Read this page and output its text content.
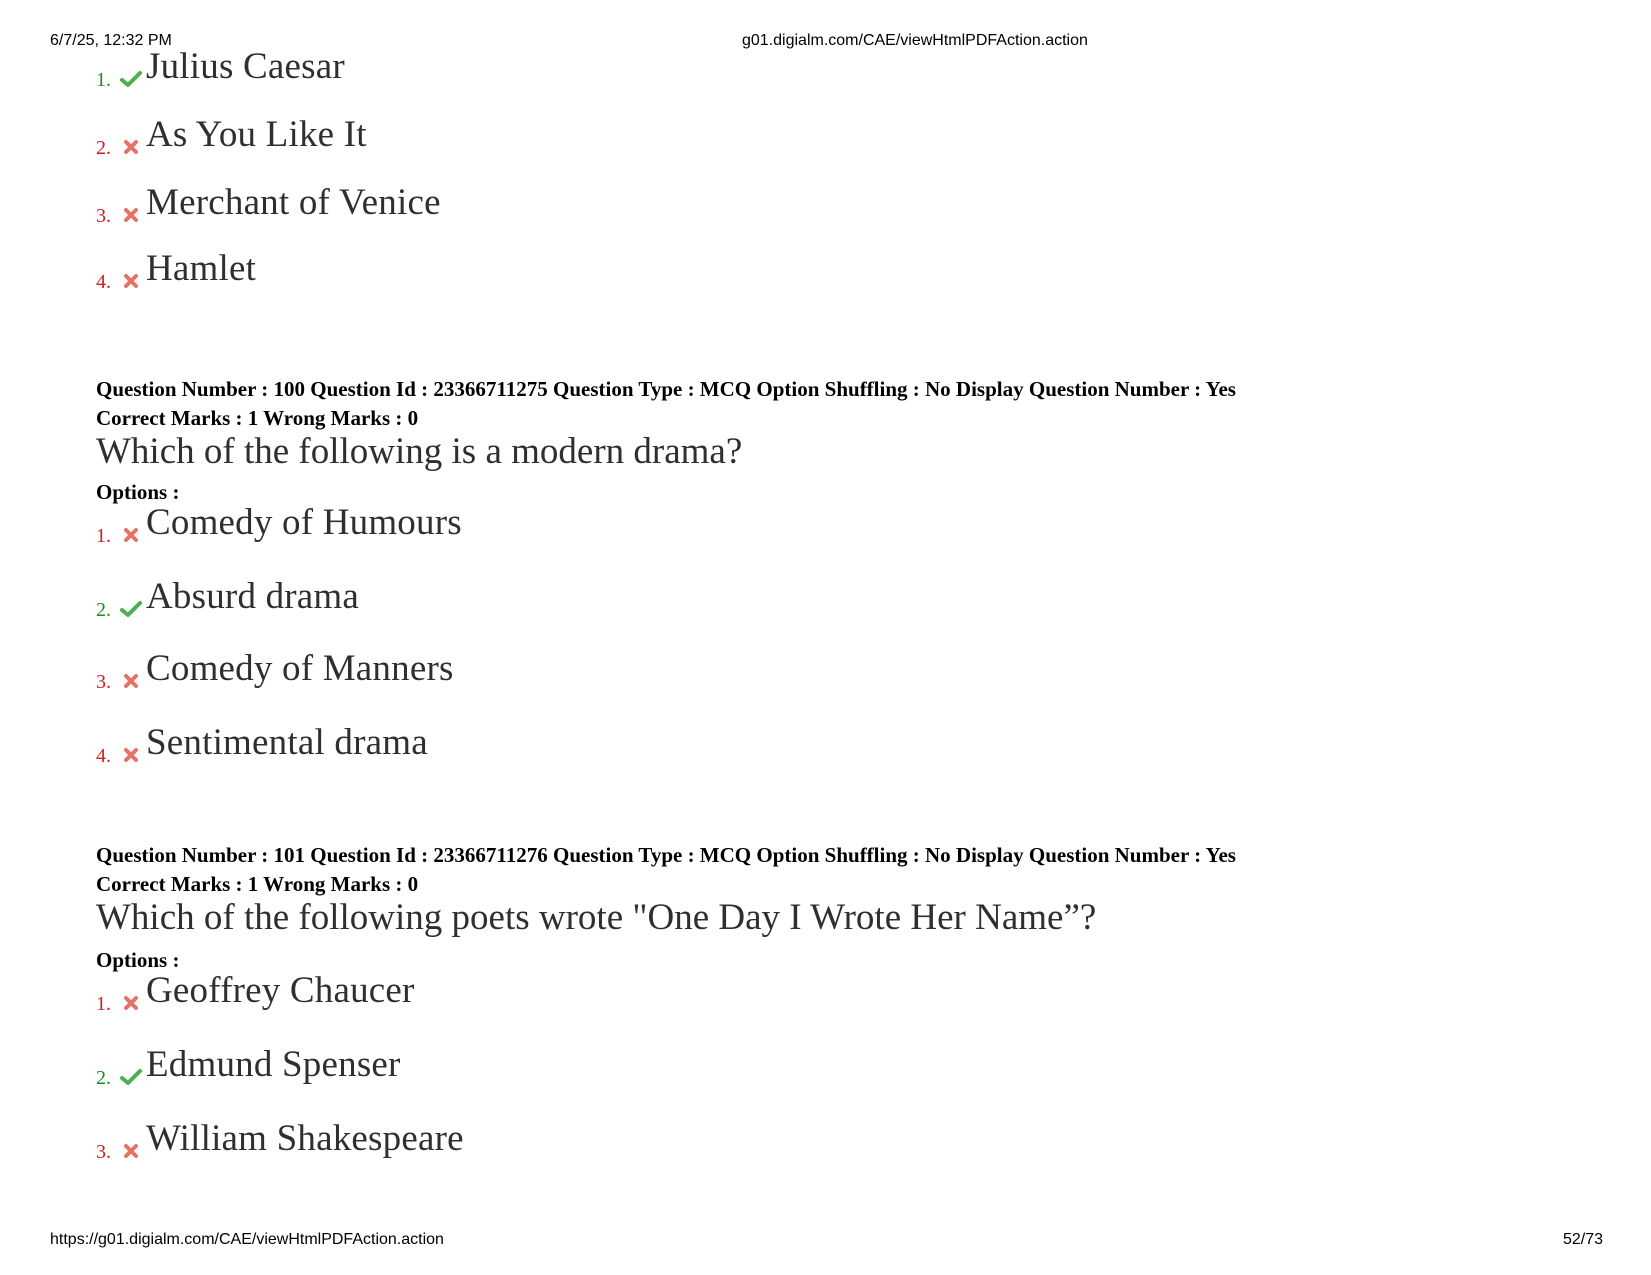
6/7/25, 12:32 PM	g01.digialm.com/CAE/viewHtmlPDFAction.action
1. Julius Caesar
2. As You Like It
3. Merchant of Venice
4. Hamlet
Question Number : 100 Question Id : 23366711275 Question Type : MCQ Option Shuffling : No Display Question Number : Yes
Correct Marks : 1 Wrong Marks : 0
Which of the following is a modern drama?
Options :
1. Comedy of Humours
2. Absurd drama
3. Comedy of Manners
4. Sentimental drama
Question Number : 101 Question Id : 23366711276 Question Type : MCQ Option Shuffling : No Display Question Number : Yes
Correct Marks : 1 Wrong Marks : 0
Which of the following poets wrote "One Day I Wrote Her Name”?
Options :
1. Geoffrey Chaucer
2. Edmund Spenser
3. William Shakespeare
https://g01.digialm.com/CAE/viewHtmlPDFAction.action	52/73
